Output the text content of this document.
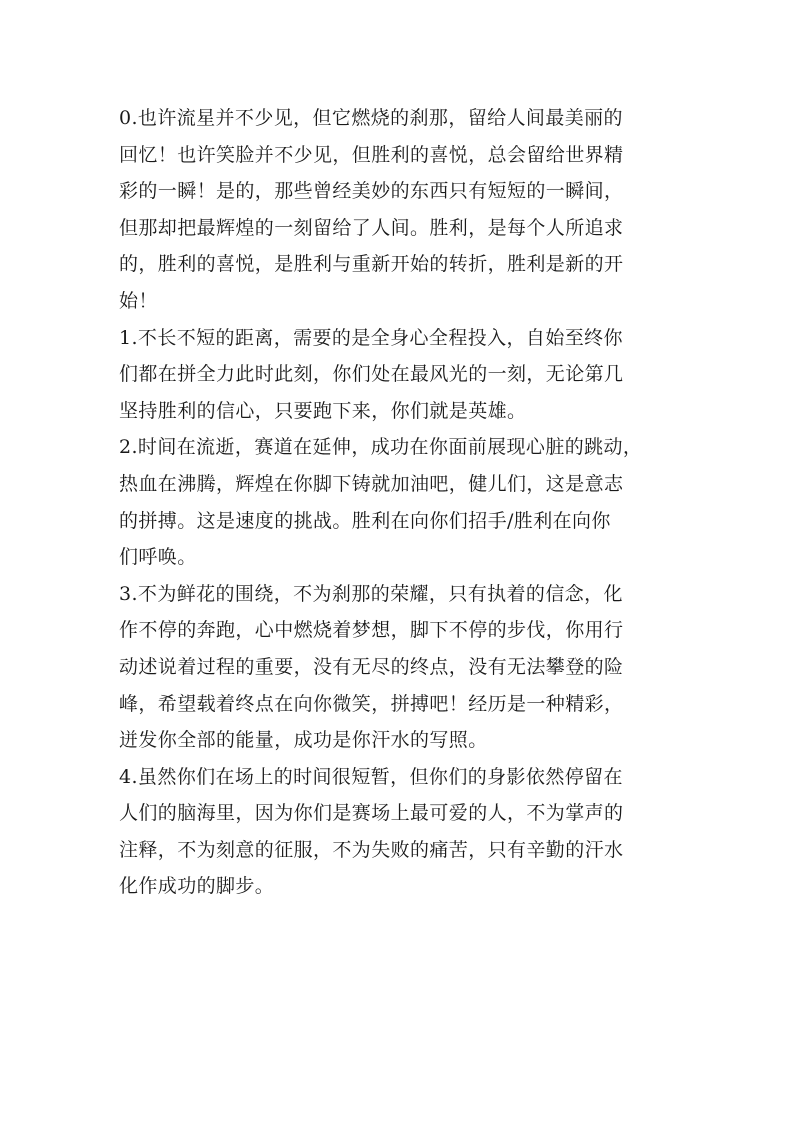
0.也许流星并不少见，但它燃烧的刹那，留给人间最美丽的
回忆！也许笑脸并不少见，但胜利的喜悦，总会留给世界精
彩的一瞬！是的，那些曾经美妙的东西只有短短的一瞬间，
但那却把最辉煌的一刻留给了人间。胜利，是每个人所追求
的，胜利的喜悦，是胜利与重新开始的转折，胜利是新的开
始！

1.不长不短的距离，需要的是全身心全程投入，自始至终你
们都在拼全力此时此刻，你们处在最风光的一刻，无论第几
坚持胜利的信心，只要跑下来，你们就是英雄。

2.时间在流逝，赛道在延伸，成功在你面前展现心脏的跳动，
热血在沸腾，辉煌在你脚下铸就加油吧，健儿们，这是意志
的拼搏。这是速度的挑战。胜利在向你们招手/胜利在向你
们呼唤。

3.不为鲜花的围绕，不为刹那的荣耀，只有执着的信念，化
作不停的奔跑，心中燃烧着梦想，脚下不停的步伐，你用行
动述说着过程的重要，没有无尽的终点，没有无法攀登的险
峰，希望载着终点在向你微笑，拼搏吧！经历是一种精彩，
迸发你全部的能量，成功是你汗水的写照。

4.虽然你们在场上的时间很短暂，但你们的身影依然停留在
人们的脑海里，因为你们是赛场上最可爱的人，不为掌声的
注释，不为刻意的征服，不为失败的痛苦，只有辛勤的汗水
化作成功的脚步。
